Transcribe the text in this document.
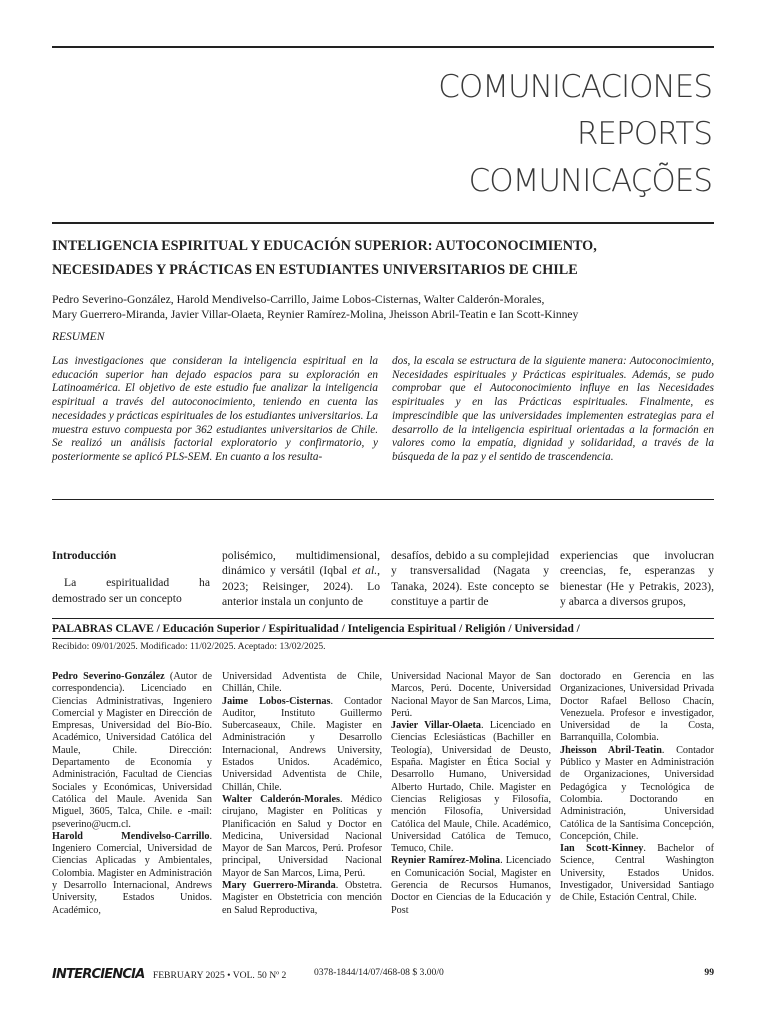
COMUNICACIONES
REPORTS
COMUNICAÇÕES
INTELIGENCIA ESPIRITUAL Y EDUCACIÓN SUPERIOR: AUTOCONOCIMIENTO,
NECESIDADES Y PRÁCTICAS EN ESTUDIANTES UNIVERSITARIOS DE CHILE
Pedro Severino-González, Harold Mendivelso-Carrillo, Jaime Lobos-Cisternas, Walter Calderón-Morales,
Mary Guerrero-Miranda, Javier Villar-Olaeta, Reynier Ramírez-Molina, Jheisson Abril-Teatin e Ian Scott-Kinney
RESUMEN
Las investigaciones que consideran la inteligencia espiritual en la educación superior han dejado espacios para su exploración en Latinoamérica. El objetivo de este estudio fue analizar la inteligencia espiritual a través del autoconocimiento, teniendo en cuenta las necesidades y prácticas espirituales de los estudiantes universitarios. La muestra estuvo compuesta por 362 estudiantes universitarios de Chile. Se realizó un análisis factorial exploratorio y confirmatorio, y posteriormente se aplicó PLS-SEM. En cuanto a los resulta-
dos, la escala se estructura de la siguiente manera: Autoconocimiento, Necesidades espirituales y Prácticas espirituales. Además, se pudo comprobar que el Autoconocimiento influye en las Necesidades espirituales y en las Prácticas espirituales. Finalmente, es imprescindible que las universidades implementen estrategias para el desarrollo de la inteligencia espiritual orientadas a la formación en valores como la empatía, dignidad y solidaridad, a través de la búsqueda de la paz y el sentido de trascendencia.

Introducción

La espiritualidad ha demostrado ser un concepto

polisémico, multidimensional, dinámico y versátil (Iqbal et al., 2023; Reisinger, 2024). Lo anterior instala un conjunto de

desafíos, debido a su complejidad y transversalidad (Nagata y Tanaka, 2024). Este concepto se constituye a partir de

experiencias que involucran creencias, fe, esperanzas y bienestar (He y Petrakis, 2023), y abarca a diversos grupos,

PALABRAS CLAVE / Educación Superior / Espiritualidad / Inteligencia Espiritual / Religión / Universidad /
Recibido: 09/01/2025. Modificado: 11/02/2025. Aceptado: 13/02/2025.

Pedro Severino-González (Autor de correspondencia). Licenciado en Ciencias Administrativas, Ingeniero Comercial y Magister en Dirección de Empresas, Universidad del Bío-Bío. Académico, Universidad Católica del Maule, Chile. Dirección: Departamento de Economía y Administración, Facultad de Ciencias Sociales y Económicas, Universidad Católica del Maule. Avenida San Miguel, 3605, Talca, Chile. e -mail: pseverino@ucm.cl.

Harold Mendivelso-Carrillo. Ingeniero Comercial, Universidad de Ciencias Aplicadas y Ambientales, Colombia. Magister en Administración y Desarrollo Internacional, Andrews University, Estados Unidos. Académico,

Universidad Adventista de Chile, Chillán, Chile.

Jaime Lobos-Cisternas. Contador Auditor, Instituto Guillermo Subercaseaux, Chile. Magister en Administración y Desarrollo Internacional, Andrews University, Estados Unidos. Académico, Universidad Adventista de Chile, Chillán, Chile.

Walter Calderón-Morales. Médico cirujano, Magister en Políticas y Planificación en Salud y Doctor en Medicina, Universidad Nacional Mayor de San Marcos, Perú. Profesor principal, Universidad Nacional Mayor de San Marcos, Lima, Perú.

Mary Guerrero-Miranda. Obstetra. Magister en Obstetricia con mención en Salud Reproductiva,

Universidad Nacional Mayor de San Marcos, Perú. Docente, Universidad Nacional Mayor de San Marcos, Lima, Perú.

Javier Villar-Olaeta. Licenciado en Ciencias Eclesiásticas (Bachiller en Teología), Universidad de Deusto, España. Magister en Ética Social y Desarrollo Humano, Universidad Alberto Hurtado, Chile. Magister en Ciencias Religiosas y Filosofía, mención Filosofía, Universidad Católica del Maule, Chile. Académico, Universidad Católica de Temuco, Temuco, Chile.

Reynier Ramírez-Molina. Licenciado en Comunicación Social, Magister en Gerencia de Recursos Humanos, Doctor en Ciencias de la Educación y Post

doctorado en Gerencia en las Organizaciones, Universidad Privada Doctor Rafael Belloso Chacín, Venezuela. Profesor e investigador, Universidad de la Costa, Barranquilla, Colombia.

Jheisson Abril-Teatin. Contador Público y Master en Administración de Organizaciones, Universidad Pedagógica y Tecnológica de Colombia. Doctorando en Administración, Universidad Católica de la Santísima Concepción, Concepción, Chile.

Ian Scott-Kinney. Bachelor of Science, Central Washington University, Estados Unidos. Investigador, Universidad Santiago de Chile, Estación Central, Chile.

INTERCIENCIA FEBRUARY 2025 • VOL. 50 Nº 2	0378-1844/14/07/468-08 $ 3.00/0	99
